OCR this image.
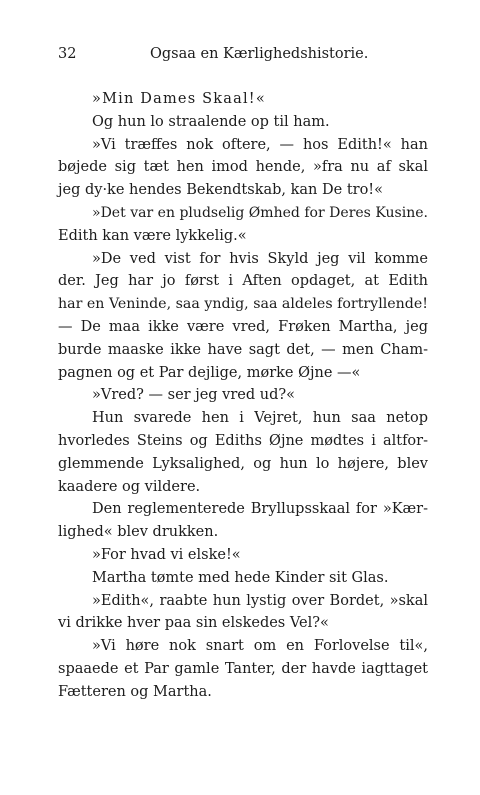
32	Ogsaa en Kærlighedshistorie.
»Min Dames Skaal!«
Og hun lo straalende op til ham.
»Vi træffes nok oftere, — hos Edith!« han
bøjede sig tæt hen imod hende, »fra nu af skal
jeg dy·ke hendes Bekendtskab, kan De tro!«
»Det var en pludselig Ømhed for Deres Kusine.
Edith kan være lykkelig.«
»De ved vist for hvis Skyld jeg vil komme
der. Jeg har jo først i Aften opdaget, at Edith
har en Veninde, saa yndig, saa aldeles fortryllende!
— De maa ikke være vred, Frøken Martha, jeg
burde maaske ikke have sagt det, — men Cham-
pagnen og et Par dejlige, mørke Øjne —«
»Vred? — ser jeg vred ud?«
Hun svarede hen i Vejret, hun saa netop
hvorledes Steins og Ediths Øjne mødtes i altfor-
glemmende Lyksalighed, og hun lo højere, blev
kaadere og vildere.
Den reglementerede Bryllupsskaal for »Kær-
lighed« blev drukken.
»For hvad vi elske!«
Martha tømte med hede Kinder sit Glas.
»Edith«, raabte hun lystig over Bordet, »skal
vi drikke hver paa sin elskedes Vel?«
»Vi høre nok snart om en Forlovelse til«,
spaaede et Par gamle Tanter, der havde iagttaget
Fætteren og Martha.
